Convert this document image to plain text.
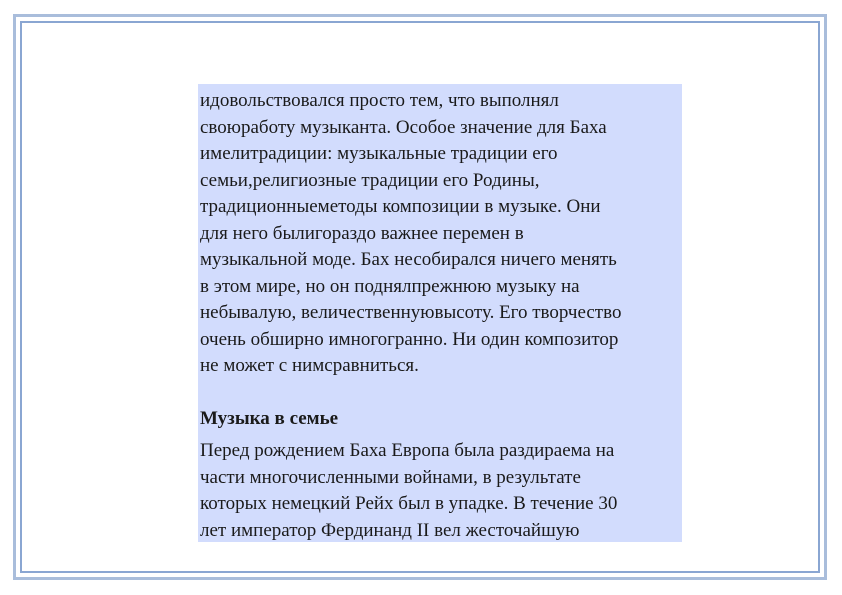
идовольствовался просто тем, что выполнял
своюработу музыканта. Особое значение для Баха
имелитрадиции: музыкальные традиции его
семьи,религиозные традиции его Родины,
традиционныеметоды композиции в музыке. Они
для него былигораздо важнее перемен в
музыкальной моде. Бах несобирался ничего менять
в этом мире, но он поднялпрежнюю музыку на
небывалую, величественнуювысоту. Его творчество
очень обширно имногогранно. Ни один композитор
не может с нимсравниться.

Музыка в семье

Перед рождением Баха Европа была раздираема на
части многочисленными войнами, в результате
которых немецкий Рейх был в упадке. В течение 30
лет император Фердинанд II вел жесточайшую
